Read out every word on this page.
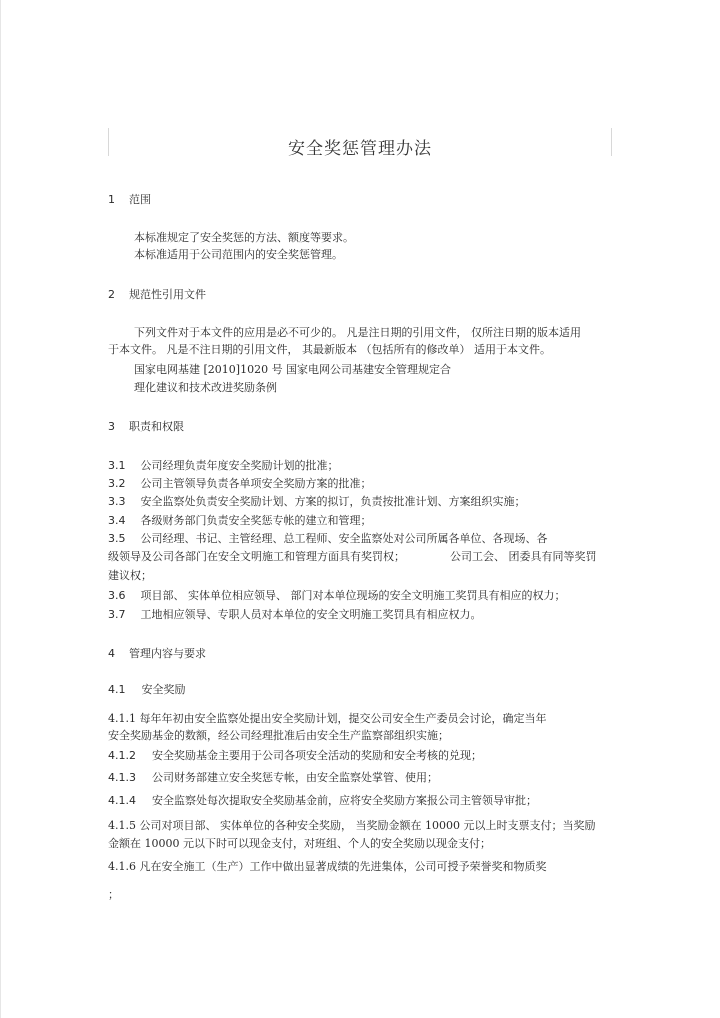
安全奖惩管理办法
1 范围
本标准规定了安全奖惩的方法、额度等要求。
本标准适用于公司范围内的安全奖惩管理。
2 规范性引用文件
下列文件对于本文件的应用是必不可少的。 凡是注日期的引用文件， 仅所注日期的版本适用
于本文件。 凡是不注日期的引用文件， 其最新版本 （包括所有的修改单） 适用于本文件。
国家电网基建 [2010]1020 号 国家电网公司基建安全管理规定合
理化建议和技术改进奖励条例
3 职责和权限
3.1 公司经理负责年度安全奖励计划的批准；
3.2 公司主管领导负责各单项安全奖励方案的批准；
3.3 安全监察处负责安全奖励计划、方案的拟订，负责按批准计划、方案组织实施；
3.4 各级财务部门负责安全奖惩专帐的建立和管理；
3.5 公司经理、书记、主管经理、总工程师、安全监察处对公司所属各单位、各现场、各
级领导及公司各部门在安全文明施工和管理方面具有奖罚权；	公司工会、 团委具有同等奖罚
建议权；
3.6 项目部、 实体单位相应领导、 部门对本单位现场的安全文明施工奖罚具有相应的权力；
3.7 工地相应领导、专职人员对本单位的安全文明施工奖罚具有相应权力。
4 管理内容与要求
4.1 安全奖励
4.1.1 每年年初由安全监察处提出安全奖励计划，提交公司安全生产委员会讨论，确定当年
安全奖励基金的数额，经公司经理批准后由安全生产监察部组织实施；
4.1.2 安全奖励基金主要用于公司各项安全活动的奖励和安全考核的兑现；
4.1.3 公司财务部建立安全奖惩专帐，由安全监察处掌管、使用；
4.1.4 安全监察处每次提取安全奖励基金前，应将安全奖励方案报公司主管领导审批；
4.1.5 公司对项目部、 实体单位的各种安全奖励， 当奖励金额在 10000 元以上时支票支付；当奖励
金额在 10000 元以下时可以现金支付，对班组、个人的安全奖励以现金支付；
4.1.6 凡在安全施工（生产）工作中做出显著成绩的先进集体，公司可授予荣誉奖和物质奖
；
